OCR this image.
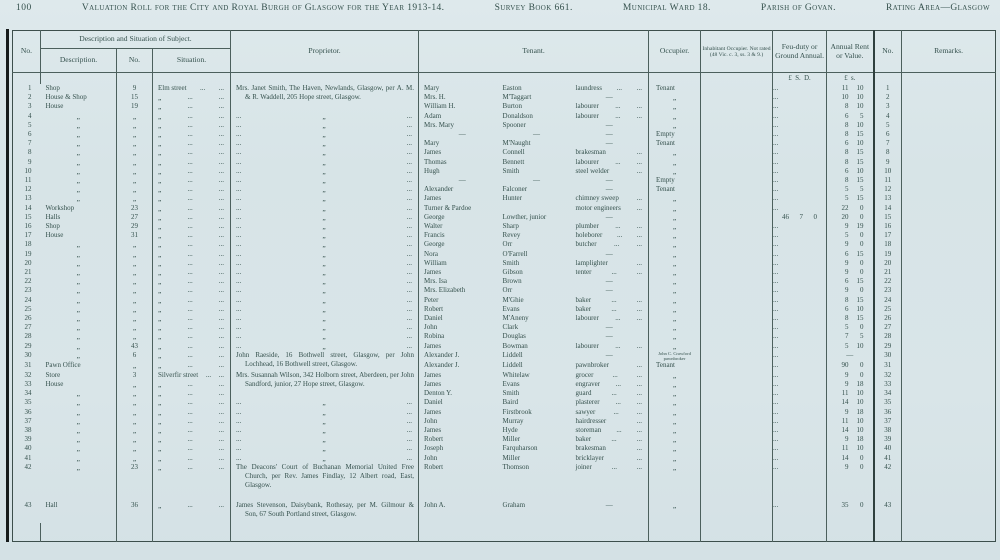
100	Valuation Roll for the City and Royal Burgh of Glasgow for the Year 1913-14.	Survey Book 661.	Municipal Ward 18.	Parish of Govan.	Rating Area—Glasgow
No.	Description and Situation of Subject.			Proprietor.	Tenant.			Occupier.	Inhabitant Occupier. Not rated (48 Vic. c. 3, ss. 3 & 9.)	Feu-duty or Ground Annual.	Annual Rent or Value.	No.	Remarks.
	Description.	No.	Situation.										
										£  S.  D.	£  s.		
1	Shop	9	Elm street ... ...	Mrs. Janet Smith, The Haven, Newlands, Glasgow, per A. M. & R. Waddell, 205 Hope street, Glasgow.	Mary	Easton	laundress ... ...	Tenant		...	11 10	1	
2	House & Shop	15	„ ... ...		Mrs. H.	M'Taggart	—	„		...	10 10	2	
3	House	19	„ ... ...		William H.	Burton	labourer ... ...	„		...	8 10	3	
4	„	„	„ ... ...	... „ ...	Adam	Donaldson	labourer ... ...	„		...	6 5	4	
5	„	„	„ ... ...	... „ ...	Mrs. Mary	Spooner	—	„		...	8 10	5	
6	„	„	„ ... ...	... „ ...	—	—	—	Empty		...	8 15	6	
7	„	„	„ ... ...	... „ ...	Mary	M'Naught	—	Tenant		...	6 10	7	
8	„	„	„ ... ...	... „ ...	James	Connell	brakesman ...	„		...	8 15	8	
9	„	„	„ ... ...	... „ ...	Thomas	Bennett	labourer ... ...	„		...	8 15	9	
10	„	„	„ ... ...	... „ ...	Hugh	Smith	steel welder ...	„		...	6 10	10	
11	„	„	„ ... ...	... „ ...	—	—	—	Empty		...	8 15	11	
12	„	„	„ ... ...	... „ ...	Alexander	Falconer	—	Tenant		...	5 5	12	
13	„	„	„ ... ...	... „ ...	James	Hunter	chimney sweep ...	„		...	5 15	13	
14	Workshop	23	„ ... ...	... „ ...	Turner & Pardoe		motor engineers ...	„		...	22 0	14	
15	Halls	27	„ ... ...	... „ ...	George	Lowther, junior	—	„		46 7 0	20 0	15	
16	Shop	29	„ ... ...	... „ ...	Walter	Sharp	plumber ... ...	„		...	9 19	16	
17	House	31	„ ... ...	... „ ...	Francis	Revey	holeborer ... ...	„		...	5 0	17	
18	„	„	„ ... ...	... „ ...	George	Orr	butcher ... ...	„		...	9 0	18	
19	„	„	„ ... ...	... „ ...	Nora	O'Farrell	—	„		...	6 15	19	
20	„	„	„ ... ...	... „ ...	William	Smith	lamplighter ...	„		...	9 0	20	
21	„	„	„ ... ...	... „ ...	James	Gibson	tenter ... ...	„		...	9 0	21	
22	„	„	„ ... ...	... „ ...	Mrs. Isa	Brown	—	„		...	6 15	22	
23	„	„	„ ... ...	... „ ...	Mrs. Elizabeth	Orr	—	„		...	9 0	23	
24	„	„	„ ... ...	... „ ...	Peter	M'Ghie	baker ... ...	„		...	8 15	24	
25	„	„	„ ... ...	... „ ...	Robert	Evans	baker ... ...	„		...	6 10	25	
26	„	„	„ ... ...	... „ ...	Daniel	M'Aneny	labourer ... ...	„		...	8 15	26	
27	„	„	„ ... ...	... „ ...	John	Clark	—	„		...	5 0	27	
28	„	„	„ ... ...	... „ ...	Robina	Douglas	—	„		...	7 5	28	
29	„	43	„ ... ...	... „ ...	James	Bowman	labourer ... ...	„		...	5 10	29	
30	„	6	„ ... ...	John Raeside, 16 Bothwell street, Glasgow, per John Lochhead, 16 Bothwell street, Glasgow.	Alexander J.	Liddell	—	John C. Crawford pawnbroker		...	—	30	
31	Pawn Office	„	„ ... ...		Alexander J.	Liddell	pawnbroker ...	Tenant		...	90 0	31	
32	Store	3	Silverfir street ... ...	Mrs. Susannah Wilson, 342 Holborn street, Aberdeen, per John Sandford, junior, 27 Hope street, Glasgow.	James	Whitelaw	grocer ... ...	„		...	9 0	32	
33	House	„	„ ... ...		James	Evans	engraver ... ...	„		...	9 18	33	
34	„	„	„ ... ...		Denton Y.	Smith	guard ... ...	„		...	11 10	34	
35	„	„	„ ... ...	... „ ...	Daniel	Baird	plasterer ... ...	„		...	14 10	35	
36	„	„	„ ... ...	... „ ...	James	Firstbrook	sawyer ... ...	„		...	9 18	36	
37	„	„	„ ... ...	... „ ...	John	Murray	hairdresser ...	„		...	11 10	37	
38	„	„	„ ... ...	... „ ...	James	Hyde	storeman ... ...	„		...	14 10	38	
39	„	„	„ ... ...	... „ ...	Robert	Miller	baker ... ...	„		...	9 18	39	
40	„	„	„ ... ...	... „ ...	Joseph	Farquharson	brakesman ...	„		...	11 10	40	
41	„	„	„ ... ...	... „ ...	John	Miller	bricklayer ...	„		...	14 0	41	
42	„	23	„ ... ...	The Deacons' Court of Buchanan Memorial United Free Church, per Rev. James Findlay, 12 Albert road, East, Glasgow.	Robert	Thomson	joiner ... ...	„		...	9 0	42	
43	Hall	36	„ ... ...	James Stevenson, Daisybank, Rothesay, per M. Gilmour & Son, 67 South Portland street, Glasgow.	John A.	Graham	—	„		...	35 0	43	
